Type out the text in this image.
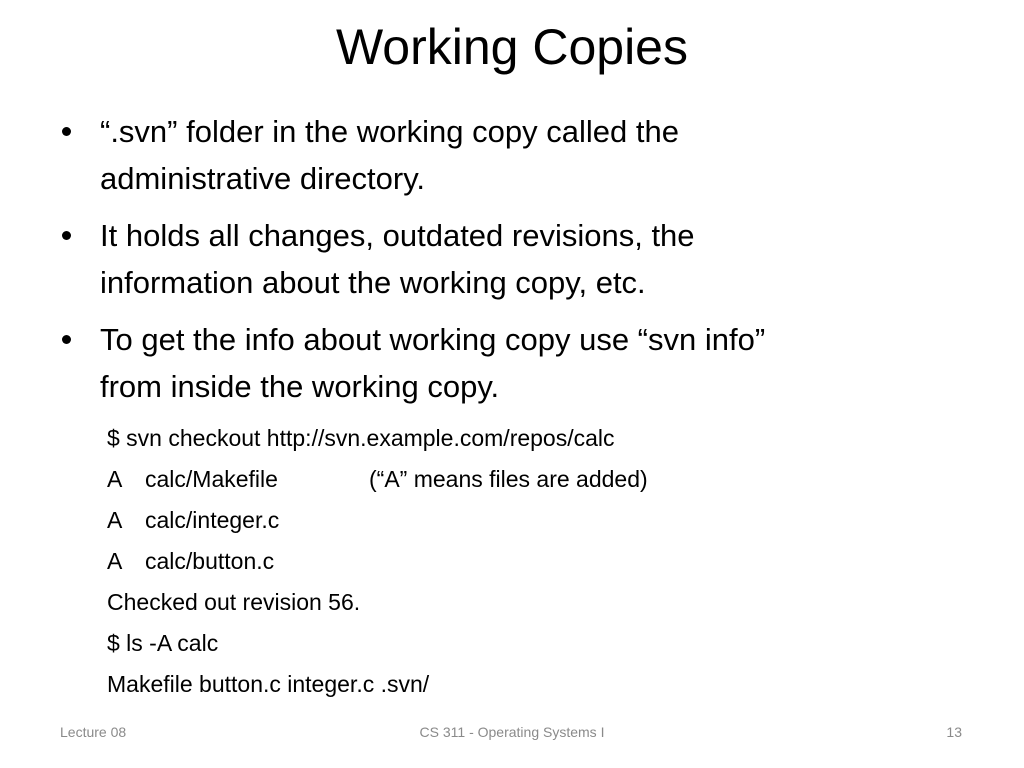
Working Copies
“.svn” folder in the working copy called the
administrative directory.
It holds all changes, outdated revisions, the
information about the working copy, etc.
To get the info about working copy use “svn info”
from inside the working copy.
$ svn checkout http://svn.example.com/repos/calc
A calc/Makefile	(“A” means files are added)
A calc/integer.c
A calc/button.c
Checked out revision 56.
$ ls -A calc
Makefile button.c integer.c .svn/
Lecture 08	CS 311 - Operating Systems I	13
